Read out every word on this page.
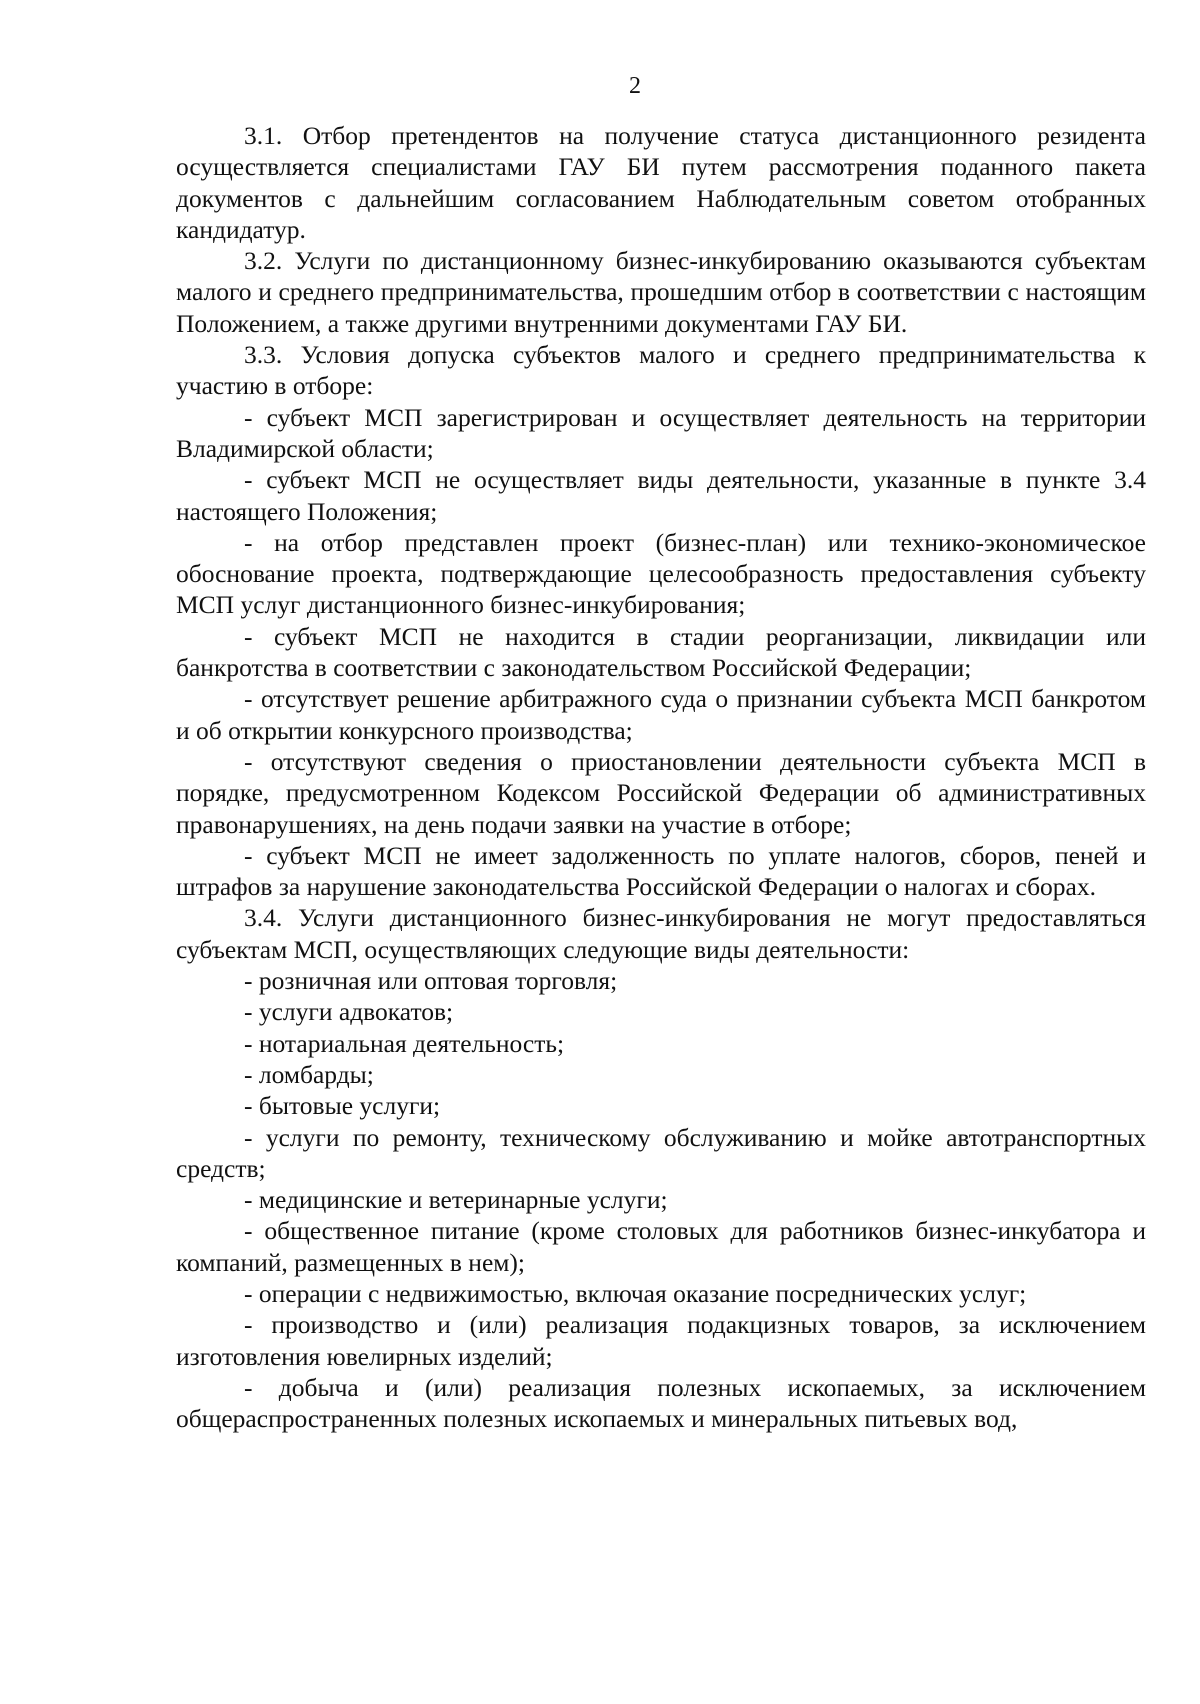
2

3.1. Отбор претендентов на получение статуса дистанционного резидента осуществляется специалистами ГАУ БИ путем рассмотрения поданного пакета документов с дальнейшим согласованием Наблюдательным советом отобранных кандидатур.

3.2. Услуги по дистанционному бизнес-инкубированию оказываются субъектам малого и среднего предпринимательства, прошедшим отбор в соответствии с настоящим Положением, а также другими внутренними документами ГАУ БИ.

3.3. Условия допуска субъектов малого и среднего предпринимательства к участию в отборе:

- субъект МСП зарегистрирован и осуществляет деятельность на территории Владимирской области;

- субъект МСП не осуществляет виды деятельности, указанные в пункте 3.4 настоящего Положения;

- на отбор представлен проект (бизнес-план) или технико-экономическое обоснование проекта, подтверждающие целесообразность предоставления субъекту МСП услуг дистанционного бизнес-инкубирования;

- субъект МСП не находится в стадии реорганизации, ликвидации или банкротства в соответствии с законодательством Российской Федерации;

- отсутствует решение арбитражного суда о признании субъекта МСП банкротом и об открытии конкурсного производства;

- отсутствуют сведения о приостановлении деятельности субъекта МСП в порядке, предусмотренном Кодексом Российской Федерации об административных правонарушениях, на день подачи заявки на участие в отборе;

- субъект МСП не имеет задолженность по уплате налогов, сборов, пеней и штрафов за нарушение законодательства Российской Федерации о налогах и сборах.

3.4. Услуги дистанционного бизнес-инкубирования не могут предоставляться субъектам МСП, осуществляющих следующие виды деятельности:

- розничная или оптовая торговля;

- услуги адвокатов;

- нотариальная деятельность;

- ломбарды;

- бытовые услуги;

- услуги по ремонту, техническому обслуживанию и мойке автотранспортных средств;

- медицинские и ветеринарные услуги;

- общественное питание (кроме столовых для работников бизнес-инкубатора и компаний, размещенных в нем);

- операции с недвижимостью, включая оказание посреднических услуг;

- производство и (или) реализация подакцизных товаров, за исключением изготовления ювелирных изделий;

- добыча и (или) реализация полезных ископаемых, за исключением общераспространенных полезных ископаемых и минеральных питьевых вод,
